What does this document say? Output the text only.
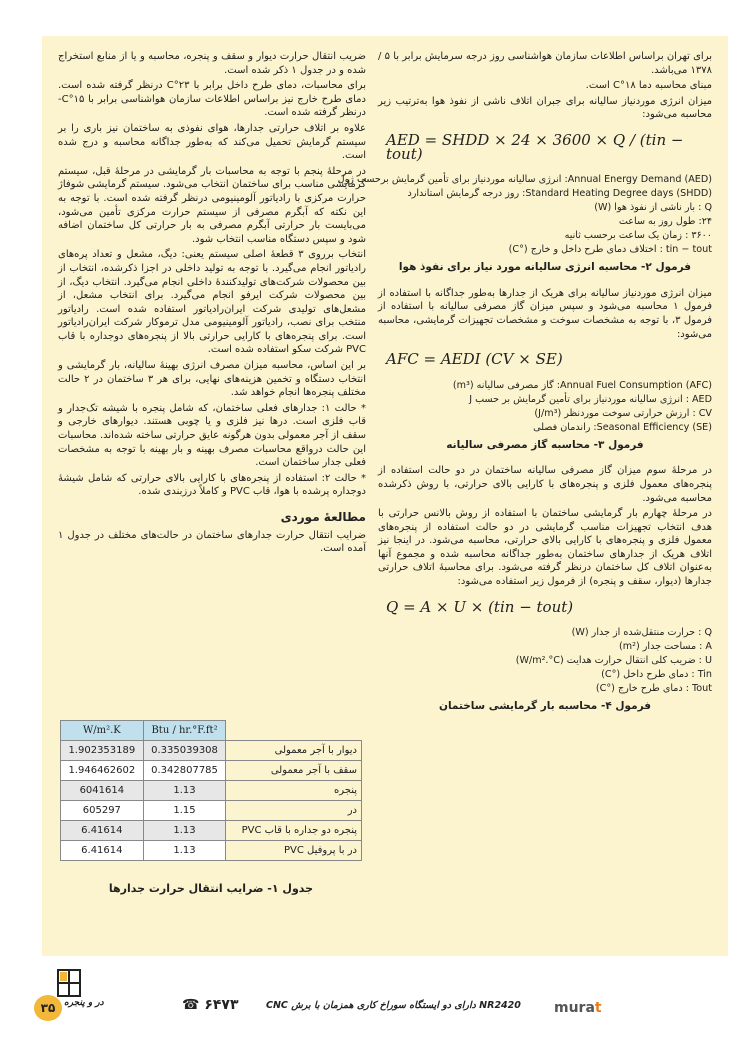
برای تهران براساس اطلاعات سازمان هواشناسی روز درجه سرمایش برابر با ۵ / ۱۳۷۸ می‌باشد.

مبنای محاسبه دما ۱۸°C است.

میزان انرژی موردنیاز سالیانه برای جبران اتلاف ناشی از نفوذ هوا به‌ترتیب زیر محاسبه می‌شود:

AED = SHDD × 24 × 3600 × Q / (tin − tout)
(AED) Annual Energy Demand: انرژی سالیانه موردنیاز برای تأمین گرمایش برحسب ژول
(SHDD) Standard Heating Degree days: روز درجه گرمایش استاندارد
Q : بار ناشی از نفوذ هوا (W)
۲۴: طول روز به ساعت
۳۶۰۰ : زمان یک ساعت برحسب ثانیه
tin − tout : اختلاف دمای طرح داخل و خارج (°C)
فرمول ۲- محاسبه انرژی سالیانه مورد نیاز برای نفوذ هوا

میزان انرژی موردنیاز سالیانه برای هریک از جدارها به‌طور جداگانه با استفاده از فرمول ۱ محاسبه می‌شود و سپس میزان گاز مصرفی سالیانه با استفاده از فرمول ۳، با توجه به مشخصات سوخت و مشخصات تجهیزات گرمایشی، محاسبه می‌شود:

AFC = AEDI (CV × SE)
(AFC) Annual Fuel Consumption: گاز مصرفی سالیانه (m³)
AED : انرژی سالیانه موردنیاز برای تأمین گرمایش بر حسب J
CV : ارزش حرارتی سوخت موردنظر (J/m³)
(SE) Seasonal Efficiency: راندمان فصلی
فرمول ۳- محاسبه گاز مصرفی سالیانه

در مرحلهٔ سوم میزان گاز مصرفی سالیانه ساختمان در دو حالت استفاده از پنجره‌های معمول فلزی و پنجره‌های با کارایی بالای حرارتی، با روش ذکرشده محاسبه می‌شود.

در مرحلهٔ چهارم بار گرمایشی ساختمان با استفاده از روش بالانس حرارتی با هدف انتخاب تجهیزات مناسب گرمایشی در دو حالت استفاده از پنجره‌های معمول فلزی و پنجره‌های با کارایی بالای حرارتی، محاسبه می‌شود. در اینجا نیز اتلاف هریک از جدارهای ساختمان به‌طور جداگانه محاسبه شده و مجموع آنها به‌عنوان اتلاف کل ساختمان درنظر گرفته می‌شود. برای محاسبهٔ اتلاف حرارتی جدارها (دیوار، سقف و پنجره) از فرمول زیر استفاده می‌شود:

Q = A × U × (tin − tout)
Q : حرارت منتقل‌شده از جدار (W)
A : مساحت جدار (m²)
U : ضریب کلی انتقال حرارت هدایت (W/m².°C)
Tin : دمای طرح داخل (°C)
Tout : دمای طرح خارج (°C)
فرمول ۴- محاسبه بار گرمایشی ساختمان

ضریب انتقال حرارت دیوار و سقف و پنجره، محاسبه و یا از منابع استخراج شده و در جدول ۱ ذکر شده است.

برای محاسبات، دمای طرح داخل برابر با ۲۳°C درنظر گرفته شده است. دمای طرح خارج نیز براساس اطلاعات سازمان هواشناسی برابر با ۱۵°C- درنظر گرفته شده است.

علاوه بر اتلاف حرارتی جدارها، هوای نفوذی به ساختمان نیز باری را بر سیستم گرمایش تحمیل می‌کند که به‌طور جداگانه محاسبه و درج شده است.

در مرحلهٔ پنجم با توجه به محاسبات بار گرمایشی در مرحلهٔ قبل، سیستم گرمایشی مناسب برای ساختمان انتخاب می‌شود. سیستم گرمایشی شوفاژ حرارت مرکزی با رادیاتور آلومینیومی درنظر گرفته شده است. با توجه به این نکته که آبگرم مصرفی از سیستم حرارت مرکزی تأمین می‌شود، می‌بایست بار حرارتی آبگرم مصرفی به بار حرارتی کل ساختمان اضافه شود و سپس دستگاه مناسب انتخاب شود.

انتخاب برروی ۳ قطعهٔ اصلی سیستم یعنی: دیگ، مشعل و تعداد پره‌های رادیاتور انجام می‌گیرد. با توجه به تولید داخلی در اجزا ذکرشده، انتخاب از بین محصولات شرکت‌های تولیدکنندهٔ داخلی انجام می‌گیرد. انتخاب دیگ، از بین محصولات شرکت ایرفو انجام می‌گیرد. برای انتخاب مشعل، از مشعل‌های تولیدی شرکت ایران‌رادیاتور استفاده شده است. رادیاتور منتخب برای نصب، رادیاتور آلومینیومی مدل ترموکار شرکت ایران‌رادیاتور است. برای پنجره‌های با کارایی حرارتی بالا از پنجره‌های دوجداره با قاب PVC شرکت سکو استفاده شده است.

بر این اساس، محاسبه میزان مصرف انرژی بهینهٔ سالیانه، بار گرمایشی و انتخاب دستگاه و تخمین هزینه‌های نهایی، برای هر ۳ ساختمان در ۲ حالت مختلف پنجره‌ها انجام خواهد شد.

* حالت ۱: جدارهای فعلی ساختمان، که شامل پنجره با شیشه تک‌جدار و قاب فلزی است. درها نیز فلزی و یا چوبی هستند. دیوارهای خارجی و سقف از آجر معمولی بدون هرگونه عایق حرارتی ساخته شده‌اند. محاسبات این حالت درواقع محاسبات مصرف بهینه و بار بهینه با توجه به مشخصات فعلی جدار ساختمان است.

* حالت ۲: استفاده از پنجره‌های با کارایی بالای حرارتی که شامل شیشهٔ دوجداره پرشده با هوا، قاب PVC و کاملاً درزبندی شده.

مطالعهٔ موردی

ضرایب انتقال حرارت جدارهای ساختمان در حالت‌های مختلف در جدول ۱ آمده است.

	Btu / hr.°F.ft²	W/m².K
دیوار با آجر معمولی	0.335039308	1.902353189
سقف با آجر معمولی	0.342807785	1.946462602
پنجره	1.13	6041614
در	1.15	605297
پنجره دو جداره با قاب PVC	1.13	6.41614
در با پروفیل PVC	1.13	6.41614
جدول ۱- ضرایب انتقال حرارت جدارها
۳۵ در و پنجره	☎ ۶۴۷۳	NR2420 دارای دو ایستگاه سوراخ کاری همزمان با برش CNC murat
